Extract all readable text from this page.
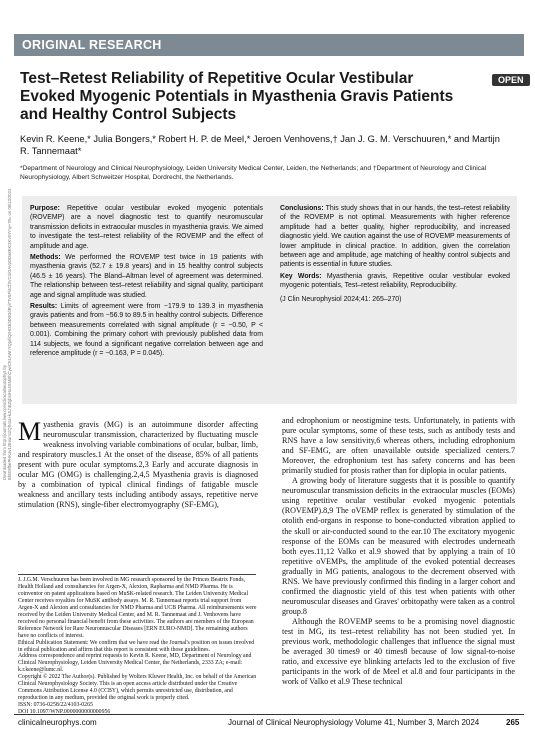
ORIGINAL RESEARCH
Test–Retest Reliability of Repetitive Ocular Vestibular Evoked Myogenic Potentials in Myasthenia Gravis Patients and Healthy Control Subjects
OPEN
Downloaded from http://journals.lww.com/clinicalneurophys by BhDMf5ePHKav1zEoum1tQfN4a+kJLhEZgbsIHo4XMi0hCywCX1AWnYQp/IlQrHD3i3D0OdRyi7TvSFl4Cf3VC4/OAVpDDa8KKGKV0Ymy+78= on 08/13/2024
Kevin R. Keene,* Julia Bongers,* Robert H. P. de Meel,* Jeroen Venhovens,† Jan J. G. M. Verschuuren,* and Martijn R. Tannemaat*
*Department of Neurology and Clinical Neurophysiology, Leiden University Medical Center, Leiden, the Netherlands; and †Department of Neurology and Clinical Neurophysiology, Albert Schweitzer Hospital, Dordrecht, the Netherlands.

Purpose: Repetitive ocular vestibular evoked myogenic potentials (ROVEMP) are a novel diagnostic test to quantify neuromuscular transmission deficits in extraocular muscles in myasthenia gravis. We aimed to investigate the test–retest reliability of the ROVEMP and the effect of amplitude and age.

Methods: We performed the ROVEMP test twice in 19 patients with myasthenia gravis (52.7 ± 19.8 years) and in 15 healthy control subjects (46.5 ± 16 years). The Bland–Altman level of agreement was determined. The relationship between test–retest reliability and signal quality, participant age and signal amplitude was studied.

Results: Limits of agreement were from −179.9 to 139.3 in myasthenia gravis patients and from −56.9 to 89.5 in healthy control subjects. Difference between measurements correlated with signal amplitude (r = −0.50, P < 0.001). Combining the primary cohort with previously published data from 114 subjects, we found a significant negative correlation between age and reference amplitude (r = −0.163, P = 0.045).

Conclusions: This study shows that in our hands, the test–retest reliability of the ROVEMP is not optimal. Measurements with higher reference amplitude had a better quality, higher reproducibility, and increased diagnostic yield. We caution against the use of ROVEMP measurements of lower amplitude in clinical practice. In addition, given the correlation between age and amplitude, age matching of healthy control subjects and patients is essential in future studies.

Key Words: Myasthenia gravis, Repetitive ocular vestibular evoked myogenic potentials, Test–retest reliability, Reproducibility.

(J Clin Neurophysiol 2024;41: 265–270)

Myasthenia gravis (MG) is an autoimmune disorder affecting neuromuscular transmission, characterized by fluctuating muscle weakness involving variable combinations of ocular, bulbar, limb, and respiratory muscles.1 At the onset of the disease, 85% of all patients present with pure ocular symptoms.2,3 Early and accurate diagnosis in ocular MG (OMG) is challenging.2,4,5 Myasthenia gravis is diagnosed by a combination of typical clinical findings of fatigable muscle weakness and ancillary tests including antibody assays, repetitive nerve stimulation (RNS), single-fiber electromyography (SF-EMG),

J. J.G.M. Verschuuren has been involved in MG research sponsored by the Princes Beatrix Fonds, Health Holland and consultancies for Argen-X, Alexion, Rapharma and NMD Pharma. He is coinventor on patent applications based on MuSK-related research. The Leiden University Medical Center receives royalties for MuSK antibody assays. M. R. Tannemaat reports trial support from Argen-X and Alexion and consultancies for NMD Pharma and UCB Pharma. All reimbursements were received by the Leiden University Medical Center, and M. R. Tannemaat and J. Venhovens have received no personal financial benefit from these activities. The authors are members of the European Reference Network for Rare Neuromuscular Diseases [ERN EURO-NMD]. The remaining authors have no conflicts of interest.

Ethical Publication Statement: We confirm that we have read the Journal's position on issues involved in ethical publication and affirm that this report is consistent with those guidelines.

Address correspondence and reprint requests to Kevin R. Keene, MD, Department of Neurology and Clinical Neurophysiology, Leiden University Medical Center, the Netherlands, 2333 ZA; e-mail: k.r.keene@lumc.nl.

Copyright © 2022 The Author(s). Published by Wolters Kluwer Health, Inc. on behalf of the American Clinical Neurophysiology Society. This is an open access article distributed under the Creative Commons Attribution License 4.0 (CCBY), which permits unrestricted use, distribution, and reproduction in any medium, provided the original work is properly cited.

ISSN: 0736-0258/22/4103-0265

DOI 10.1097/WNP.0000000000000956

and edrophonium or neostigmine tests. Unfortunately, in patients with pure ocular symptoms, some of these tests, such as antibody tests and RNS have a low sensitivity,6 whereas others, including edrophonium and SF-EMG, are often unavailable outside specialized centers.7 Moreover, the edrophonium test has safety concerns and has been primarily studied for ptosis rather than for diplopia in ocular patients.

A growing body of literature suggests that it is possible to quantify neuromuscular transmission deficits in the extraocular muscles (EOMs) using repetitive ocular vestibular evoked myogenic potentials (ROVEMP).8,9 The oVEMP reflex is generated by stimulation of the otolith end-organs in response to bone-conducted vibration applied to the skull or air-conducted sound to the ear.10 The excitatory myogenic response of the EOMs can be measured with electrodes underneath both eyes.11,12 Valko et al.9 showed that by applying a train of 10 repetitive oVEMPs, the amplitude of the evoked potential decreases gradually in MG patients, analogous to the decrement observed with RNS. We have previously confirmed this finding in a larger cohort and confirmed the diagnostic yield of this test when patients with other neuromuscular diseases and Graves' orbitopathy were taken as a control group.8

Although the ROVEMP seems to be a promising novel diagnostic test in MG, its test–retest reliability has not been studied yet. In previous work, methodologic challenges that influence the signal must be averaged 30 times9 or 40 times8 because of low signal-to-noise ratio, and excessive eye blinking artefacts led to the exclusion of five participants in the work of de Meel et al.8 and four participants in the work of Valko et al.9 These technical

clinicalneurophys.com	Journal of Clinical Neurophysiology Volume 41, Number 3, March 2024	265
